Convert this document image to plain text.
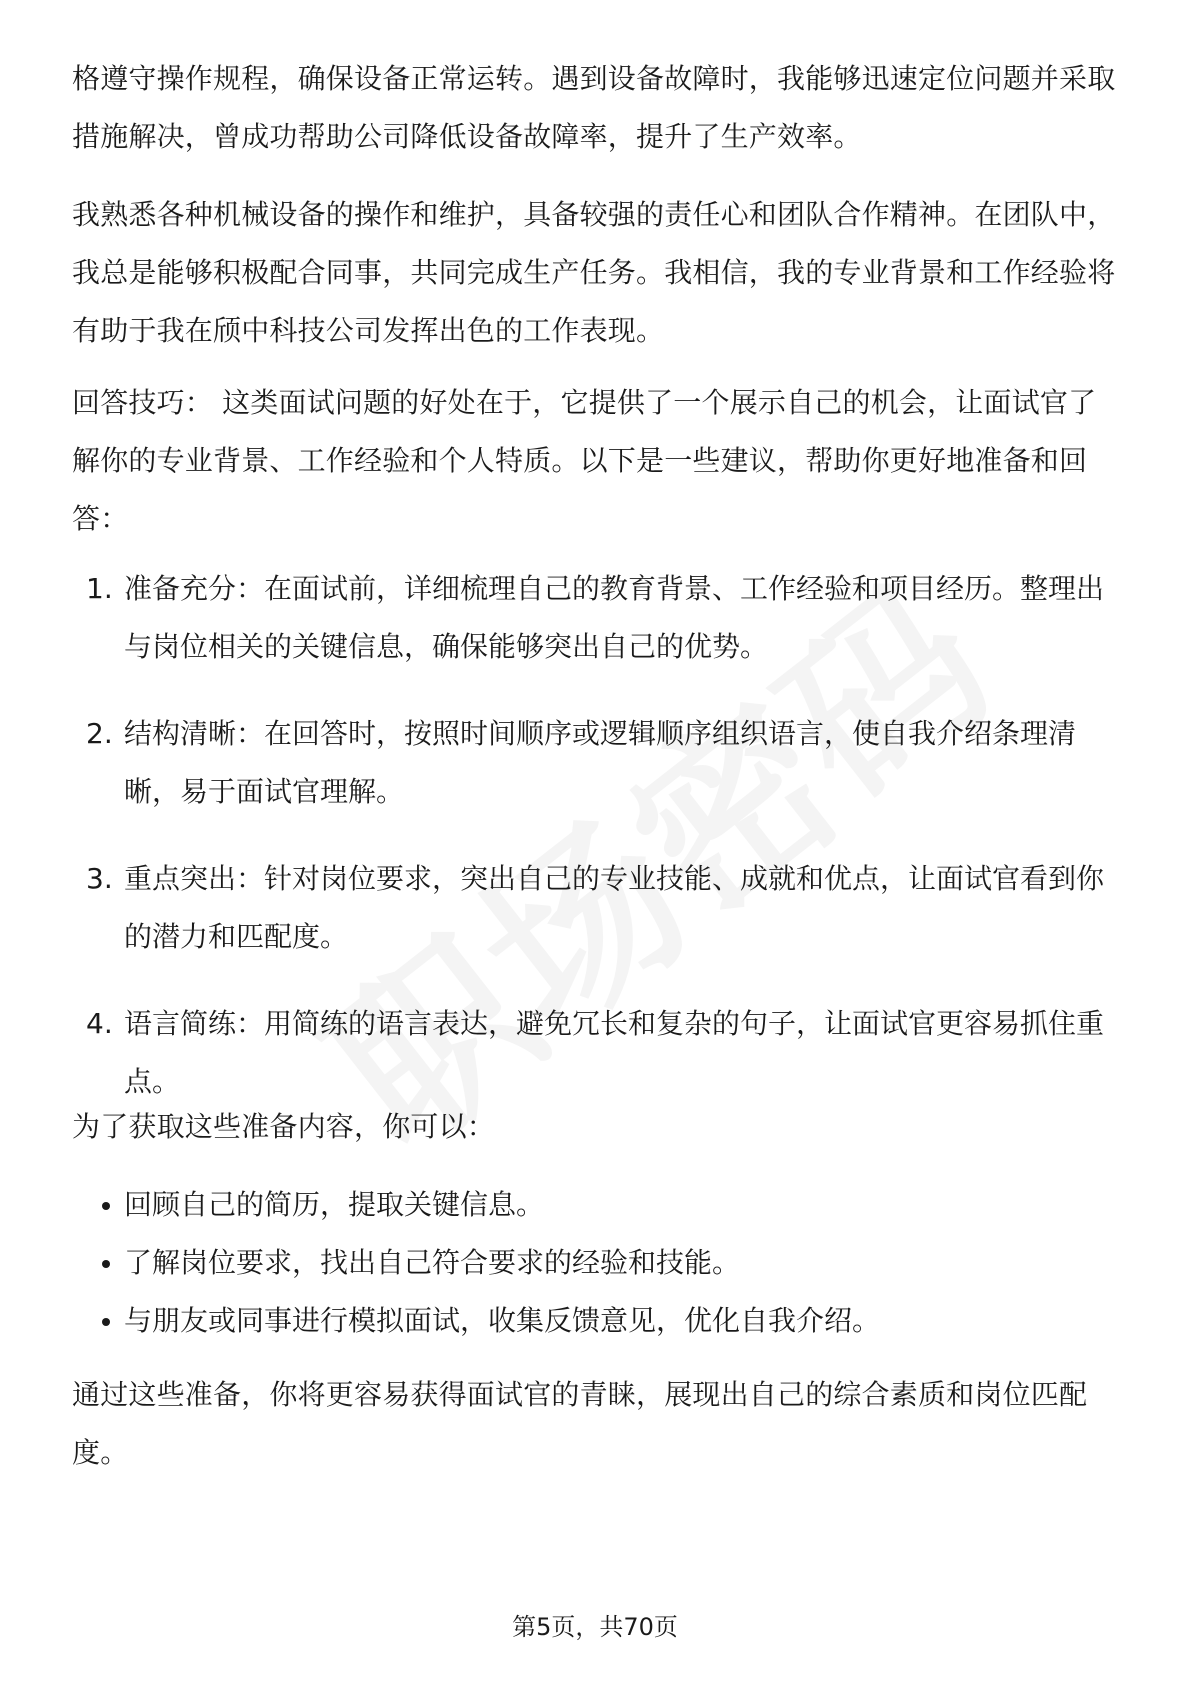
格遵守操作规程，确保设备正常运转。遇到设备故障时，我能够迅速定位问题并采取措施解决，曾成功帮助公司降低设备故障率，提升了生产效率。

我熟悉各种机械设备的操作和维护，具备较强的责任心和团队合作精神。在团队中，我总是能够积极配合同事，共同完成生产任务。我相信，我的专业背景和工作经验将有助于我在颀中科技公司发挥出色的工作表现。

回答技巧： 这类面试问题的好处在于，它提供了一个展示自己的机会，让面试官了解你的专业背景、工作经验和个人特质。以下是一些建议，帮助你更好地准备和回答：

1. 准备充分：在面试前，详细梳理自己的教育背景、工作经验和项目经历。整理出与岗位相关的关键信息，确保能够突出自己的优势。
2. 结构清晰：在回答时，按照时间顺序或逻辑顺序组织语言，使自我介绍条理清晰，易于面试官理解。
3. 重点突出：针对岗位要求，突出自己的专业技能、成就和优点，让面试官看到你的潜力和匹配度。
4. 语言简练：用简练的语言表达，避免冗长和复杂的句子，让面试官更容易抓住重点。

为了获取这些准备内容，你可以：

回顾自己的简历，提取关键信息。
了解岗位要求，找出自己符合要求的经验和技能。
与朋友或同事进行模拟面试，收集反馈意见，优化自我介绍。

通过这些准备，你将更容易获得面试官的青睐，展现出自己的综合素质和岗位匹配度。

第5页，共70页
